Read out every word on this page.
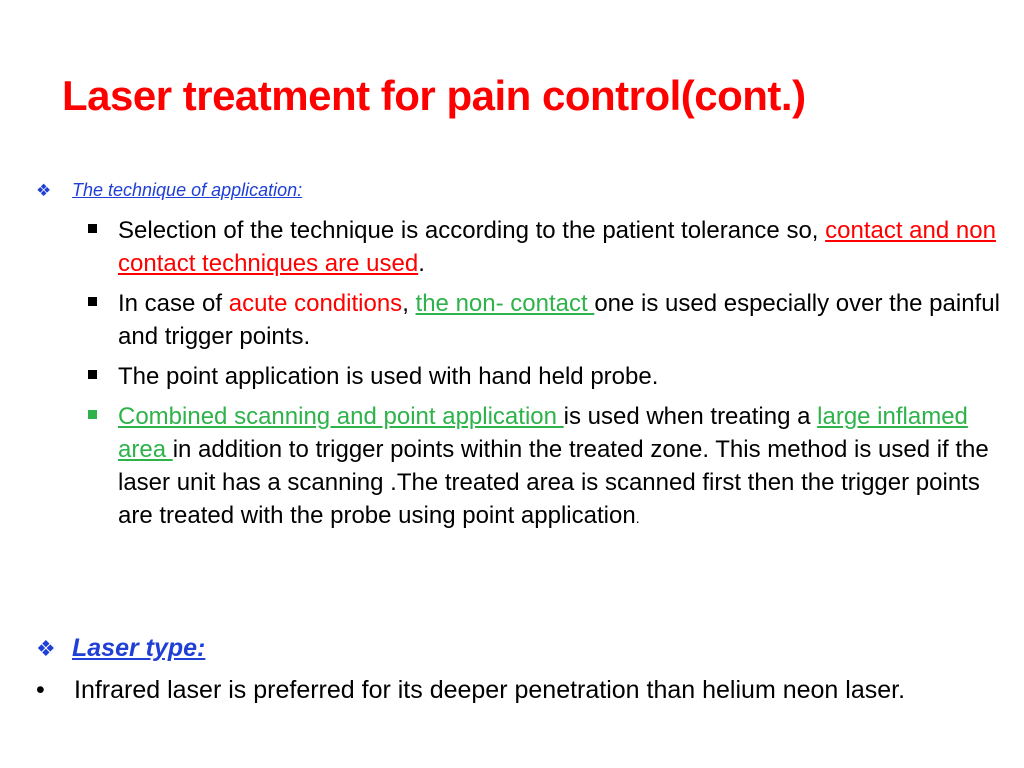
Laser treatment for pain control(cont.)
❖	The technique of application:
Selection of the technique is according to the patient tolerance so, contact and non contact techniques are used.
In case of acute conditions, the non- contact one is used especially over the painful and trigger points.
The point application is used with hand held probe.
Combined scanning and point application is used when treating a large inflamed area in addition to trigger points within the treated zone. This method is used if the laser unit has a scanning .The treated area is scanned first then the trigger points are treated with the probe using point application.
❖ Laser type:
• Infrared laser is preferred for its deeper penetration than helium neon laser.
